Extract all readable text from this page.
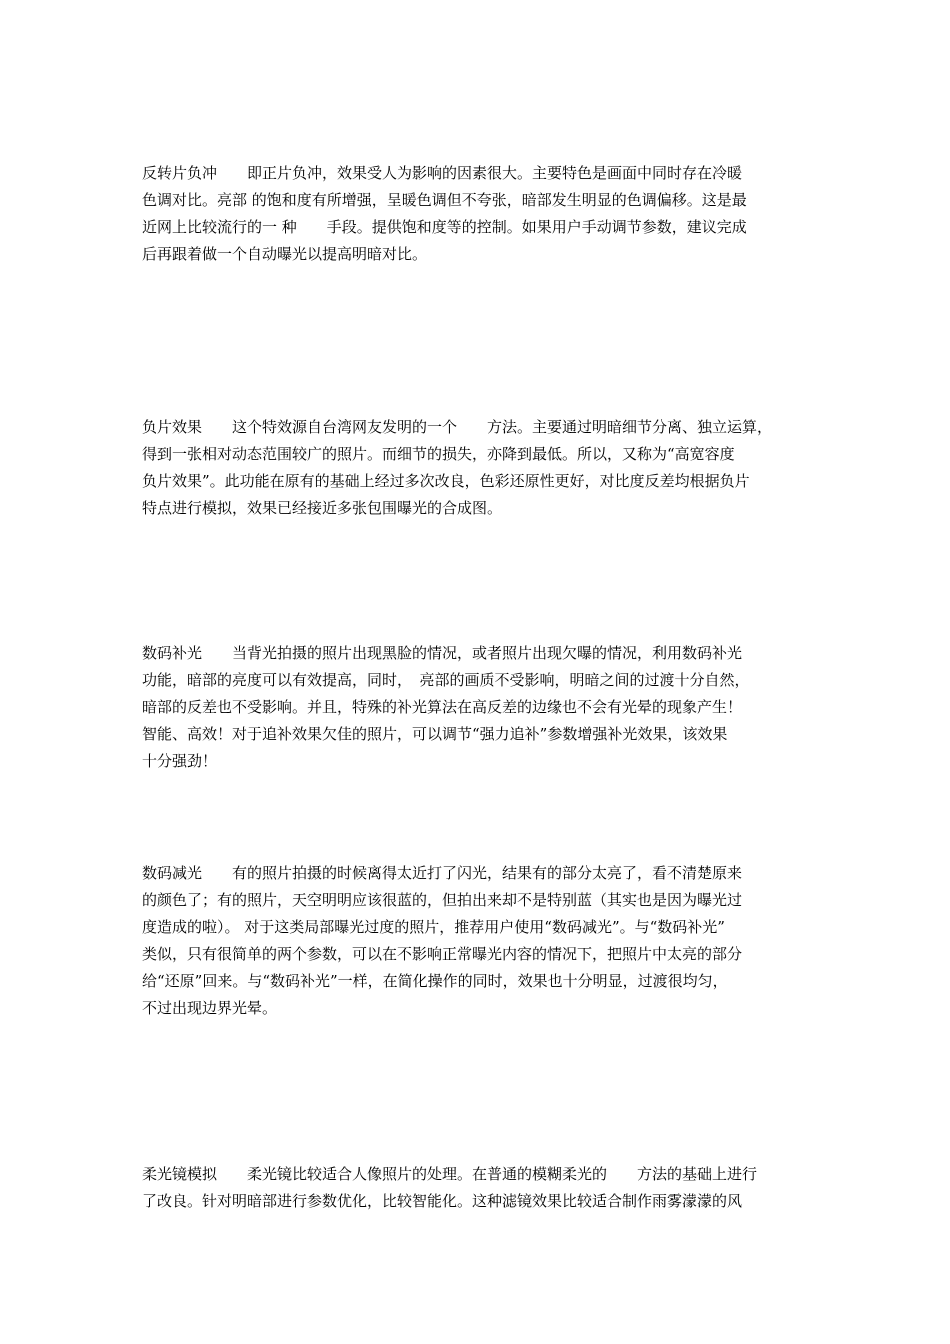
反转片负冲　　即正片负冲，效果受人为影响的因素很大。主要特色是画面中同时存在冷暖
色调对比。亮部 的饱和度有所增强，呈暖色调但不夸张，暗部发生明显的色调偏移。这是最
近网上比较流行的一 种　　手段。提供饱和度等的控制。如果用户手动调节参数，建议完成
后再跟着做一个自动曝光以提高明暗对比。
负片效果　　这个特效源自台湾网友发明的一个　　方法。主要通过明暗细节分离、独立运算，
得到一张相对动态范围较广的照片。而细节的损失，亦降到最低。所以，又称为“高宽容度
负片效果”。此功能在原有的基础上经过多次改良，色彩还原性更好，对比度反差均根据负片
特点进行模拟，效果已经接近多张包围曝光的合成图。
数码补光　　当背光拍摄的照片出现黑脸的情况，或者照片出现欠曝的情况，利用数码补光
功能，暗部的亮度可以有效提高，同时，　亮部的画质不受影响，明暗之间的过渡十分自然，
暗部的反差也不受影响。并且，特殊的补光算法在高反差的边缘也不会有光晕的现象产生！
智能、高效！对于追补效果欠佳的照片，可以调节“强力追补”参数增强补光效果，该效果
十分强劲！
数码减光　　有的照片拍摄的时候离得太近打了闪光，结果有的部分太亮了，看不清楚原来
的颜色了；有的照片，天空明明应该很蓝的，但拍出来却不是特别蓝（其实也是因为曝光过
度造成的啦）。 对于这类局部曝光过度的照片，推荐用户使用“数码减光”。与“数码补光”
类似，只有很简单的两个参数，可以在不影响正常曝光内容的情况下，把照片中太亮的部分
给“还原”回来。与“数码补光”一样，在简化操作的同时，效果也十分明显，过渡很均匀，
不过出现边界光晕。
柔光镜模拟　　柔光镜比较适合人像照片的处理。在普通的模糊柔光的　　方法的基础上进行
了改良。针对明暗部进行参数优化，比较智能化。这种滤镜效果比较适合制作雨雾濛濛的风
